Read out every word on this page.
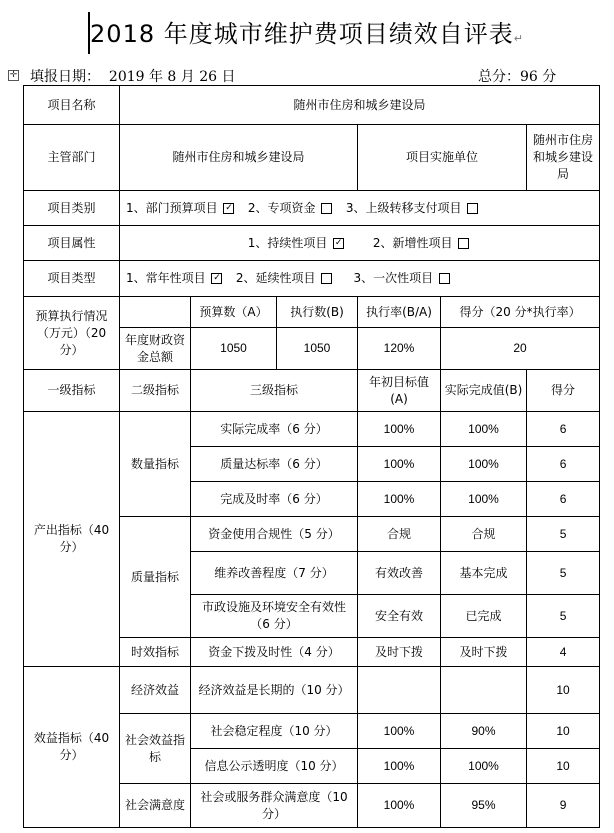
2018 年度城市维护费项目绩效自评表↵
✛ 填报日期： 2019 年 8 月 26 日	总分：96 分
项目名称	随州市住房和城乡建设局					
主管部门	随州市住房和城乡建设局			项目实施单位		随州市住房和城乡建设局
项目类别	1、部门预算项目 ✓ 2、专项资金 3、上级转移支付项目					
项目属性	1、持续性项目 ✓ 2、新增性项目					
项目类型	1、常年性项目 ✓ 2、延续性项目 3、一次性项目					
预算执行情况（万元）（20 分）		预算数（A）	执行数(B)	执行率(B/A)	得分（20 分*执行率）	
	年度财政资金总额	1050	1050	120%	20	
一级指标	二级指标	三级指标		年初目标值(A)	实际完成值(B)	得分
产出指标（40 分）	数量指标	实际完成率（6 分）		100%	100%	6
		质量达标率（6 分）		100%	100%	6
		完成及时率（6 分）		100%	100%	6
	质量指标	资金使用合规性（5 分）		合规	合规	5
		维养改善程度（7 分）		有效改善	基本完成	5
		市政设施及环境安全有效性（6 分）		安全有效	已完成	5
	时效指标	资金下拨及时性（4 分）		及时下拨	及时下拨	4
效益指标（40 分）	经济效益	经济效益是长期的（10 分）				10
	社会效益指标	社会稳定程度（10 分）		100%	90%	10
		信息公示透明度（10 分）		100%	100%	10
	社会满意度	社会或服务群众满意度（10 分）		100%	95%	9
